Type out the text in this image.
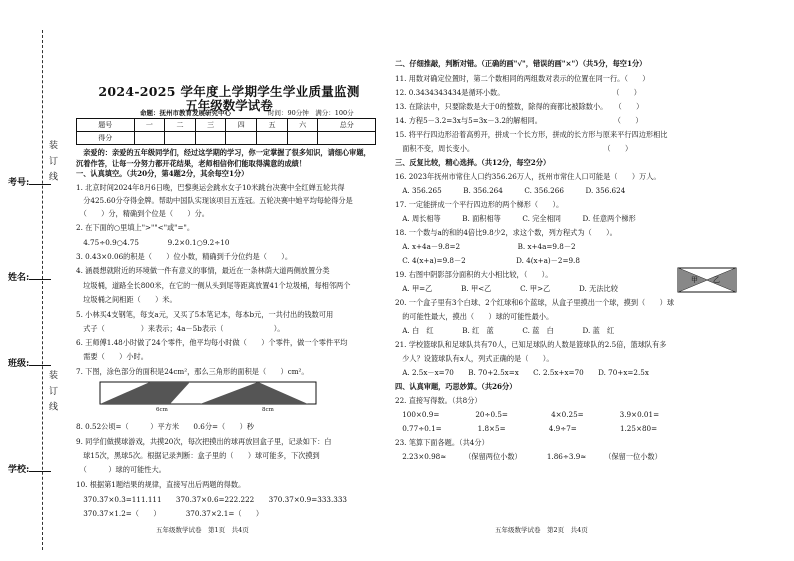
装 订 线
装 订 线
考号:
姓名:
班级:
学校:
2024-2025 学年度上学期学生学业质量监测
五年级数学试卷
命题：抚州市教育发展研究中心	时间：90分钟　满分：100分
题号	一	二	三	四	五	六	总分
得分							
　亲爱的：亲爱的五年级同学们，经过这学期的学习，你一定掌握了很多知识，请细心审题，
沉着作答，让每一分努力都开花结果，老师相信你们能取得满意的成绩！
一、认真填空。（共20分，第4题2分，其余每空1分）
1. 北京时间2024年8月6日晚，巴黎奥运会跳水女子10米跳台决赛中全红婵五轮共得
　分425.60分夺得金牌。帮助中国队实现该项目五连冠。五轮决赛中她平均每轮得分是
　（　　）分，精确到个位是（　　）分。
2. 在下面的○里填上">""<"或"="。
　4.75÷0.9○4.75　　　　9.2×0.1○9.2÷10
3. 0.43×0.06的积是（　　）位小数，精确到千分位约是（　　）。
4. 涵晨想就附近的环境做一件有意义的事情，最近在一条林荫大道两侧放置分类
　垃圾桶，道路全长800米，在它的一侧从头到尾等距离放置41个垃圾桶，每相邻两个
　垃圾桶之间相距（　　）米。
5. 小林买4支钢笔，每支a元，又买了5本笔记本，每本b元，一共付出的钱数可用
　式子（　　　　　）来表示；4a－5b表示（　　　　　　　）。
6. 王师傅1.48小时做了24个零件，他平均每小时做（　　）个零件，做一个零件平均
　需要（　　）小时。
7. 下图，涂色部分的面积是24cm²，那么三角形的面积是（　　）cm²。
6cm	8cm
8. 0.52公顷=（　　　）平方米　　0.6分=（　　）秒
9. 同学们做摸球游戏，共摸20次，每次把摸出的球再放回盒子里，记录如下：白
　球15次，黑球5次。根据记录判断：盒子里的（　　）球可能多，下次摸到
　（　　　）球的可能性大。
10. 根据第1题结果的规律，直接写出后两题的得数。
　370.37×0.3=111.111　　370.37×0.6=222.222　　370.37×0.9=333.333
　370.37×1.2=（　　）　　　　370.37×2.1=（　　）
五年级数学试卷　第1页　共4页
二、仔细推敲，判断对错。（正确的画"√"，错误的画"×"）（共5分，每空1分）
11. 用数对确定位置时，第二个数相同的两组数对表示的位置在同一行。（　　）
12. 0.3434343434是循环小数。　　　　　　　　　　　　　　　　（　　）
13. 在除法中，只要除数是大于0的整数，除得的商都比被除数小。　　（　　）
14. 方程5－3.2=3x与5=3x－3.2的解相同。　　　　　　　　　　　（　　）
15. 将平行四边形沿着高剪开，拼成一个长方形，拼成的长方形与原来平行四边形相比
　面积不变，周长变小。　　　　　　　　　　　　　　　　　　　（　　）
三、反复比较，精心选择。（共12分，每空2分）
16. 2023年抚州市常住人口约356.26万人，抚州市常住人口可能是（　　）万人。
　A. 356.265　　　B. 356.264　　　C. 356.266　　　D. 356.624
17. 一定能拼成一个平行四边形的两个梯形（　　）。
　A. 周长相等　　　B. 面积相等　　　C. 完全相同　　　D. 任意两个梯形
18. 一个数与a的和的4倍比9.8少2，求这个数，列方程式为（　　）。
　A. x+4a－9.8=2　　　　　　　　B. x+4a=9.8－2
　C. 4(x+a)=9.8－2　　　　　　　D. 4(x+a)－2=9.8
19. 右图中阴影部分面积的大小相比较，（　　）。
　A. 甲=乙　　　　B. 甲<乙　　　　C. 甲>乙　　　　D. 无法比较
甲 乙
20. 一个盒子里有3个白球、2个红球和6个蓝球，从盒子里摸出一个球，摸到（　　）球
　的可能性最大，摸出（　　）球的可能性最小。
　A. 白　红　　　　B. 红　蓝　　　　C. 蓝　白　　　　D. 蓝　红
21. 学校篮球队和足球队共有70人，已知足球队的人数是篮球队的2.5倍，篮球队有多
　少人？设篮球队有x人，列式正确的是（　　）。
　A. 2.5x－x=70　　B. 70+2.5x=x　　C. 2.5x+x=70　　D. 70+x=2.5x
四、认真审题，巧思妙算。（共26分）
22. 直接写得数。（共8分）
　100×0.9=　　　　　20÷0.5=　　　　　　4×0.25=　　　　　3.9×0.01=
　0.77÷0.1=　　　　　1.8×5=　　　　　　4.9÷7=　　　　　　1.25×80=
23. 笔算下面各题。（共4分）
　2.23×0.98≈　　　（保留两位小数）　　　　1.86÷3.9≈　　　（保留一位小数）
五年级数学试卷　第2页　共4页
